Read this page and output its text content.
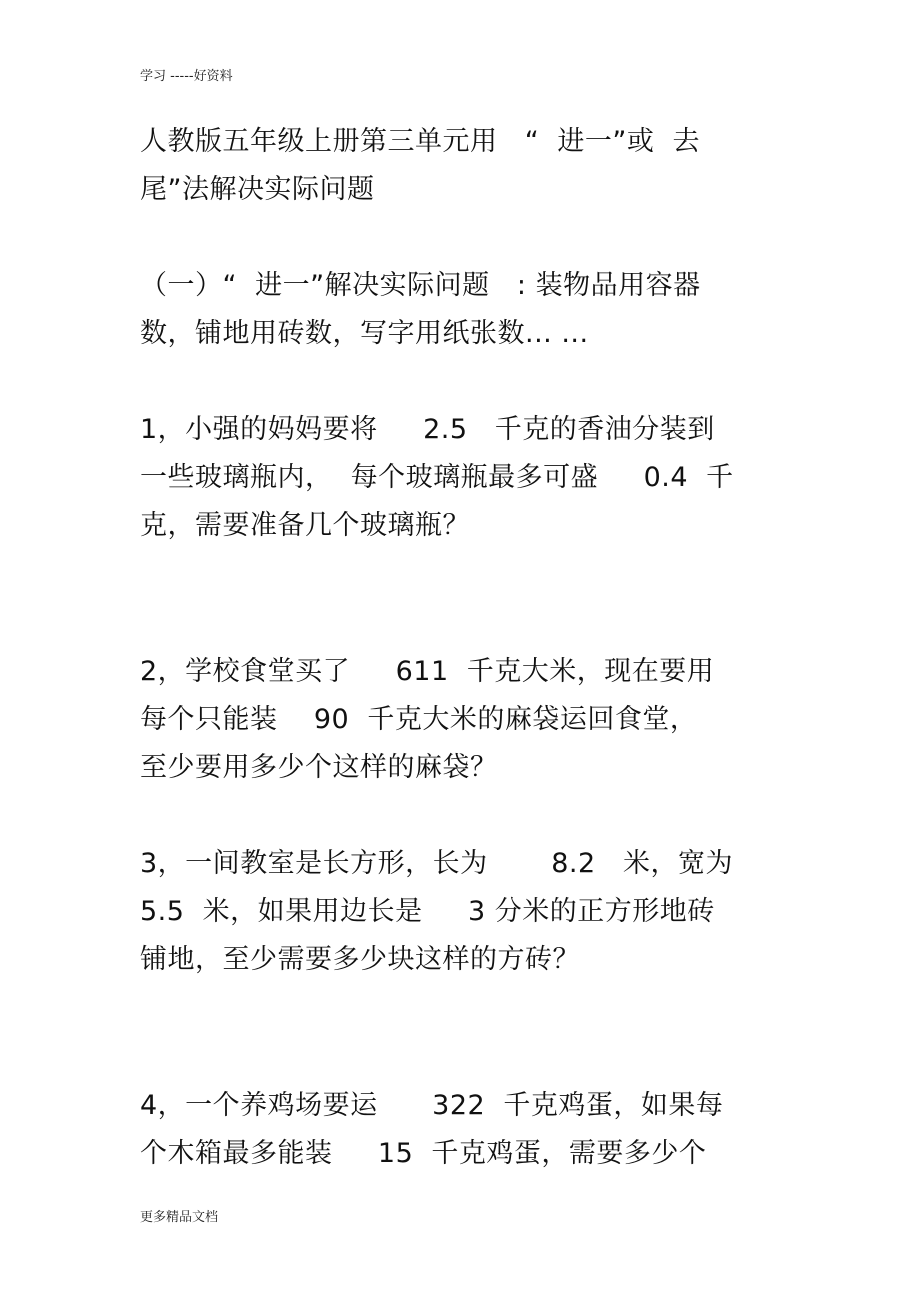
学习 -----好资料
人教版五年级上册第三单元用   “  进一”或  去
尾”法解决实际问题
（一）“  进一”解决实际问题   : 装物品用容器
数，铺地用砖数，写字用纸张数... ...
1，小强的妈妈要将     2.5   千克的香油分装到
一些玻璃瓶内，  每个玻璃瓶最多可盛     0.4  千
克，需要准备几个玻璃瓶？
2，学校食堂买了     611  千克大米，现在要用
每个只能装    90  千克大米的麻袋运回食堂，
至少要用多少个这样的麻袋？
3，一间教室是长方形，长为       8.2   米，宽为
5.5  米，如果用边长是     3 分米的正方形地砖
铺地，至少需要多少块这样的方砖？
4，一个养鸡场要运      322  千克鸡蛋，如果每
个木箱最多能装     15  千克鸡蛋，需要多少个
更多精品文档
